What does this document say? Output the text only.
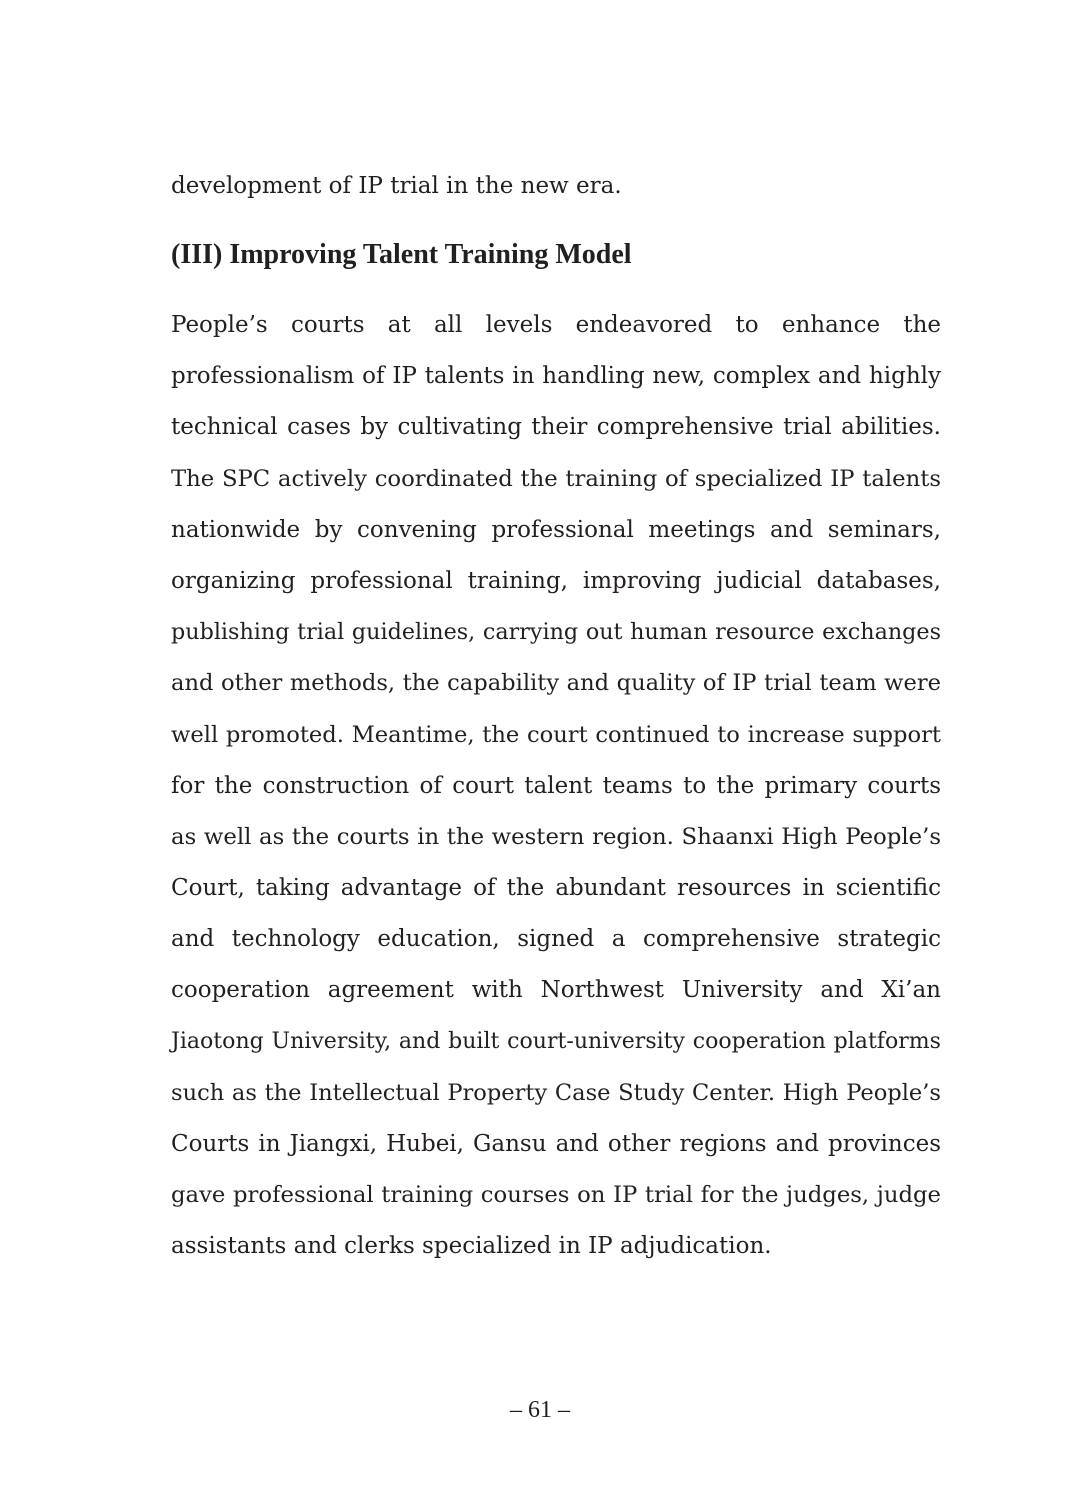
development of IP trial in the new era.
(III) Improving Talent Training Model
People’s courts at all levels endeavored to enhance the
professionalism of IP talents in handling new, complex and highly
technical cases by cultivating their comprehensive trial abilities.
The SPC actively coordinated the training of specialized IP talents
nationwide by convening professional meetings and seminars,
organizing professional training, improving judicial databases,
publishing trial guidelines, carrying out human resource exchanges
and other methods, the capability and quality of IP trial team were
well promoted. Meantime, the court continued to increase support
for the construction of court talent teams to the primary courts
as well as the courts in the western region. Shaanxi High People’s
Court, taking advantage of the abundant resources in scientific
and technology education, signed a comprehensive strategic
cooperation agreement with Northwest University and Xi’an
Jiaotong University, and built court-university cooperation platforms
such as the Intellectual Property Case Study Center. High People’s
Courts in Jiangxi, Hubei, Gansu and other regions and provinces
gave professional training courses on IP trial for the judges, judge
assistants and clerks specialized in IP adjudication.
– 61 –
